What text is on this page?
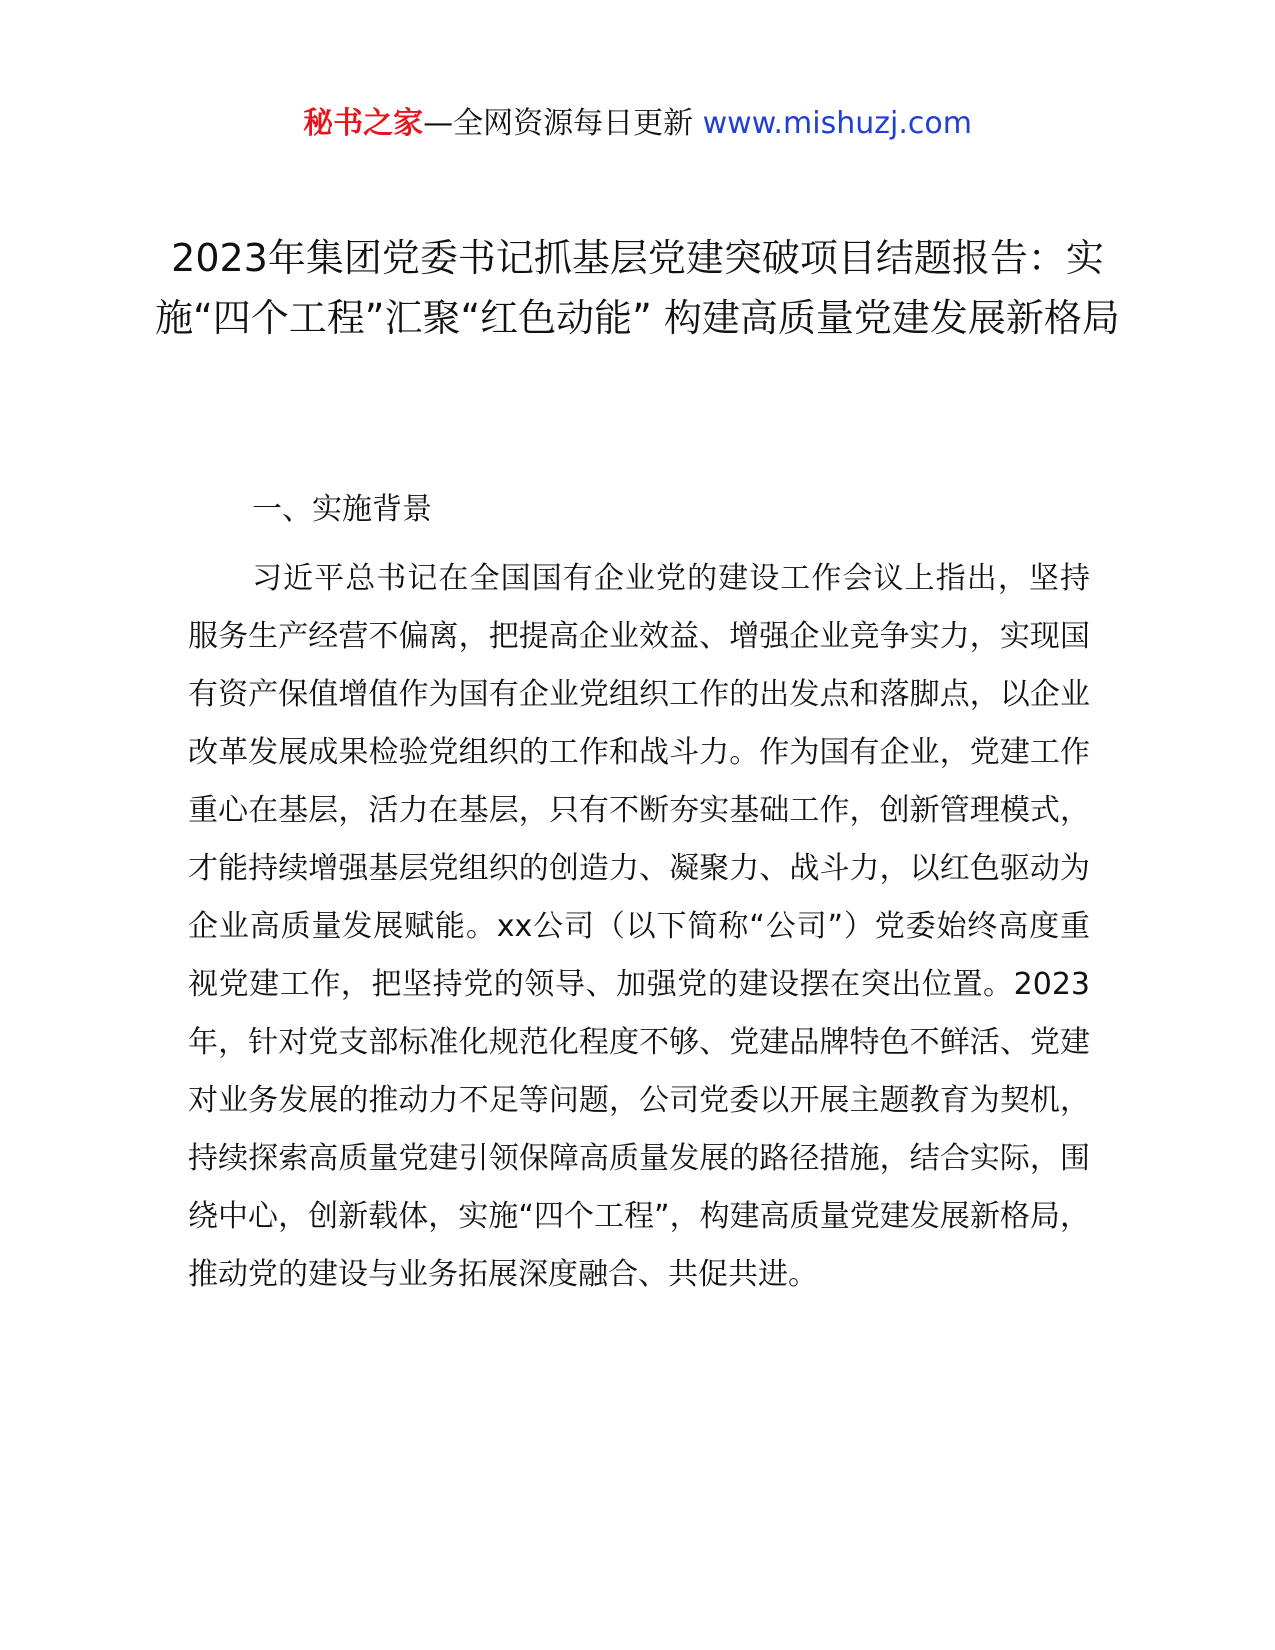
秘书之家—全网资源每日更新 www.mishuzj.com
2023年集团党委书记抓基层党建突破项目结题报告：实施“四个工程”汇聚“红色动能” 构建高质量党建发展新格局
一、实施背景

习近平总书记在全国国有企业党的建设工作会议上指出，坚持服务生产经营不偏离，把提高企业效益、增强企业竞争实力，实现国有资产保值增值作为国有企业党组织工作的出发点和落脚点，以企业改革发展成果检验党组织的工作和战斗力。作为国有企业，党建工作重心在基层，活力在基层，只有不断夯实基础工作，创新管理模式，才能持续增强基层党组织的创造力、凝聚力、战斗力，以红色驱动为企业高质量发展赋能。xx公司（以下简称“公司”）党委始终高度重视党建工作，把坚持党的领导、加强党的建设摆在突出位置。2023年，针对党支部标准化规范化程度不够、党建品牌特色不鲜活、党建对业务发展的推动力不足等问题，公司党委以开展主题教育为契机，持续探索高质量党建引领保障高质量发展的路径措施，结合实际，围绕中心，创新载体，实施“四个工程”，构建高质量党建发展新格局，推动党的建设与业务拓展深度融合、共促共进。
